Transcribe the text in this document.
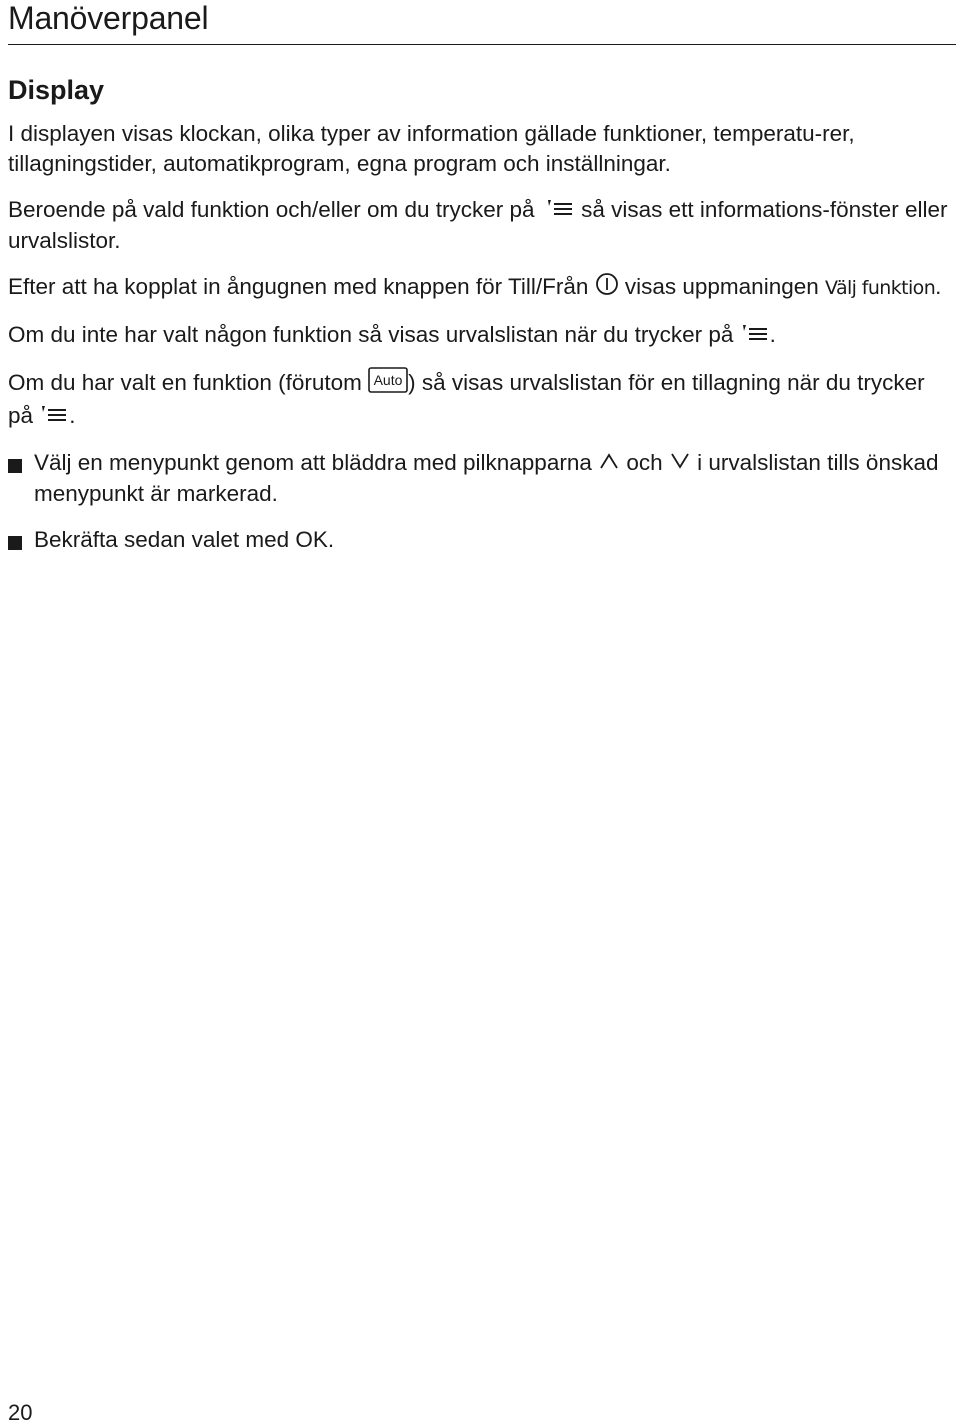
Manöverpanel
Display

I displayen visas klockan, olika typer av information gällade funktioner, temperatu-rer, tillagningstider, automatikprogram, egna program och inställningar.

Beroende på vald funktion och/eller om du trycker på  så visas ett informations-fönster eller urvalslistor.

Efter att ha kopplat in ångugnen med knappen för Till/Från  visas uppmaningen Välj funktion.

Om du inte har valt någon funktion så visas urvalslistan när du trycker på .

Om du har valt en funktion (förutom Auto ) så visas urvalslistan för en tillagning när du trycker på .

Välj en menypunkt genom att bläddra med pilknapparna  och  i urvalslistan tills önskad menypunkt är markerad.
Bekräfta sedan valet med OK.
20
